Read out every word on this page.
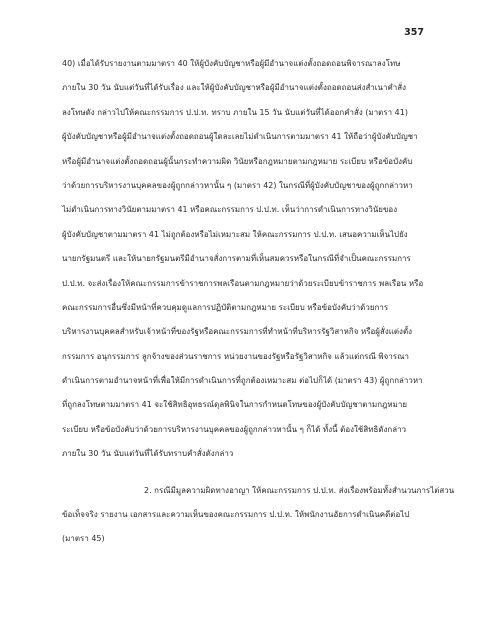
357
40) เมื่อได้รับรายงานตามมาตรา 40 ให้ผู้บังคับบัญชาหรือผู้มีอำนาจแต่งตั้งถอดถอนพิจารณาลงโทษ
ภายใน 30 วัน นับแต่วันที่ได้รับเรื่อง และให้ผู้บังคับบัญชาหรือผู้มีอำนาจแต่งตั้งถอดถอนส่งสำเนาคำสั่ง
ลงโทษดัง กล่าวไปให้คณะกรรมการ ป.ป.ท. ทราบ ภายใน 15 วัน นับแต่วันที่ได้ออกคำสั่ง (มาตรา 41)
ผู้บังคับบัญชาหรือผู้มีอำนาจแต่งตั้งถอดถอนผู้ใดละเลยไม่ดำเนินการตามมาตรา 41 ให้ถือว่าผู้บังคับบัญชา
หรือผู้มีอำนาจแต่งตั้งถอดถอนผู้นั้นกระทำความผิด วินัยหรือกฎหมายตามกฎหมาย ระเบียบ หรือข้อบังคับ
ว่าด้วยการบริหารงานบุคคลของผู้ถูกกล่าวหานั้น ๆ (มาตรา 42) ในกรณีที่ผู้บังคับบัญชาของผู้ถูกกล่าวหา
ไม่ดำเนินการทางวินัยตามมาตรา 41 หรือคณะกรรมการ ป.ป.ท. เห็นว่าการดำเนินการทางวินัยของ
ผู้บังคับบัญชาตามมาตรา 41 ไม่ถูกต้องหรือไม่เหมาะสม ให้คณะกรรมการ ป.ป.ท. เสนอความเห็นไปยัง
นายกรัฐมนตรี และให้นายกรัฐมนตรีมีอำนาจสั่งการตามที่เห็นสมควรหรือในกรณีที่จำเป็นคณะกรรมการ
ป.ป.ท. จะส่งเรื่องให้คณะกรรมการข้าราชการพลเรือนตามกฎหมายว่าด้วยระเบียบข้าราชการ พลเรือน หรือ
คณะกรรมการอื่นซึ่งมีหน้าที่ควบคุมดูแลการปฏิบัติตามกฎหมาย ระเบียบ หรือข้อบังคับว่าด้วยการ
บริหารงานบุคคลสำหรับเจ้าหน้าที่ของรัฐหรือคณะกรรมการที่ทำหน้าที่บริหารรัฐวิสาหกิจ หรือผู้สั่งแต่งตั้ง
กรรมการ อนุกรรมการ ลูกจ้างของส่วนราชการ หน่วยงานของรัฐหรือรัฐวิสาหกิจ แล้วแต่กรณี พิจารณา
ดำเนินการตามอำนาจหน้าที่เพื่อให้มีการดำเนินการที่ถูกต้องเหมาะสม ต่อไปก็ได้ (มาตรา 43) ผู้ถูกกล่าวหา
ที่ถูกลงโทษตามมาตรา 41 จะใช้สิทธิอุทธรณ์ดุลพินิจในการกำหนดโทษของผู้บังคับบัญชาตามกฎหมาย
ระเบียบ หรือข้อบังคับว่าด้วยการบริหารงานบุคคลของผู้ถูกกล่าวหานั้น ๆ ก็ได้ ทั้งนี้ ต้องใช้สิทธิดังกล่าว
ภายใน 30 วัน นับแต่วันที่ได้รับทราบคำสั่งดังกล่าว
2. กรณีมีมูลความผิดทางอาญา ให้คณะกรรมการ ป.ป.ท. ส่งเรื่องพร้อมทั้งสำนวนการไต่สวน
ข้อเท็จจริง รายงาน เอกสารและความเห็นของคณะกรรมการ ป.ป.ท. ให้พนักงานอัยการดำเนินคดีต่อไป
(มาตรา 45)
